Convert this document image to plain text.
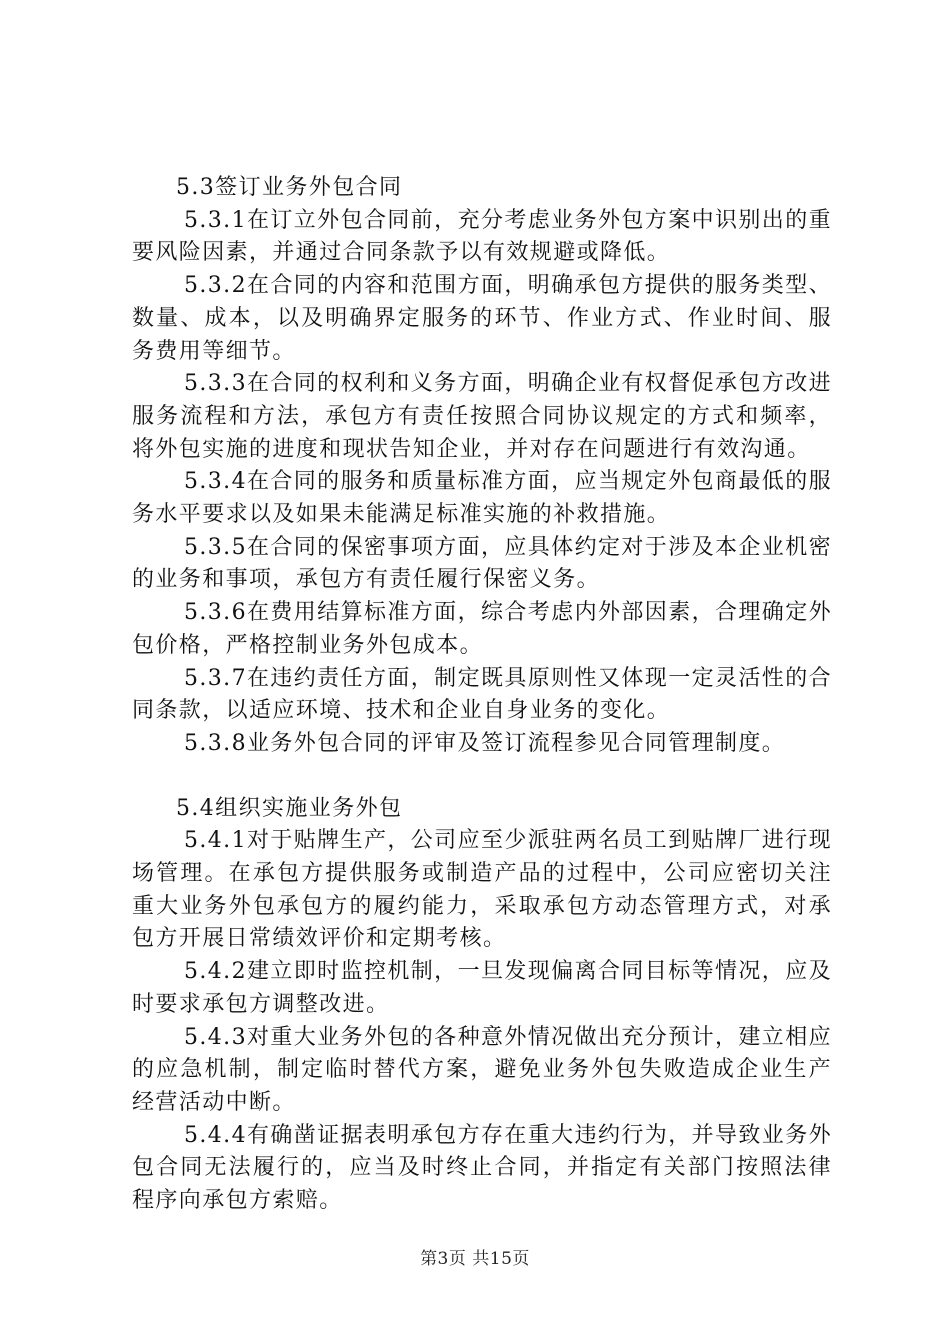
5.3签订业务外包合同

5.3.1在订立外包合同前，充分考虑业务外包方案中识别出的重要风险因素，并通过合同条款予以有效规避或降低。

5.3.2在合同的内容和范围方面，明确承包方提供的服务类型、数量、成本，以及明确界定服务的环节、作业方式、作业时间、服务费用等细节。

5.3.3在合同的权利和义务方面，明确企业有权督促承包方改进服务流程和方法，承包方有责任按照合同协议规定的方式和频率，将外包实施的进度和现状告知企业，并对存在问题进行有效沟通。

5.3.4在合同的服务和质量标准方面，应当规定外包商最低的服务水平要求以及如果未能满足标准实施的补救措施。

5.3.5在合同的保密事项方面，应具体约定对于涉及本企业机密的业务和事项，承包方有责任履行保密义务。

5.3.6在费用结算标准方面，综合考虑内外部因素，合理确定外包价格，严格控制业务外包成本。

5.3.7在违约责任方面，制定既具原则性又体现一定灵活性的合同条款，以适应环境、技术和企业自身业务的变化。

5.3.8业务外包合同的评审及签订流程参见合同管理制度。

5.4组织实施业务外包

5.4.1对于贴牌生产，公司应至少派驻两名员工到贴牌厂进行现场管理。在承包方提供服务或制造产品的过程中，公司应密切关注重大业务外包承包方的履约能力，采取承包方动态管理方式，对承包方开展日常绩效评价和定期考核。

5.4.2建立即时监控机制，一旦发现偏离合同目标等情况，应及时要求承包方调整改进。

5.4.3对重大业务外包的各种意外情况做出充分预计，建立相应的应急机制，制定临时替代方案，避免业务外包失败造成企业生产经营活动中断。

5.4.4有确凿证据表明承包方存在重大违约行为，并导致业务外包合同无法履行的，应当及时终止合同，并指定有关部门按照法律程序向承包方索赔。

第3页 共15页
